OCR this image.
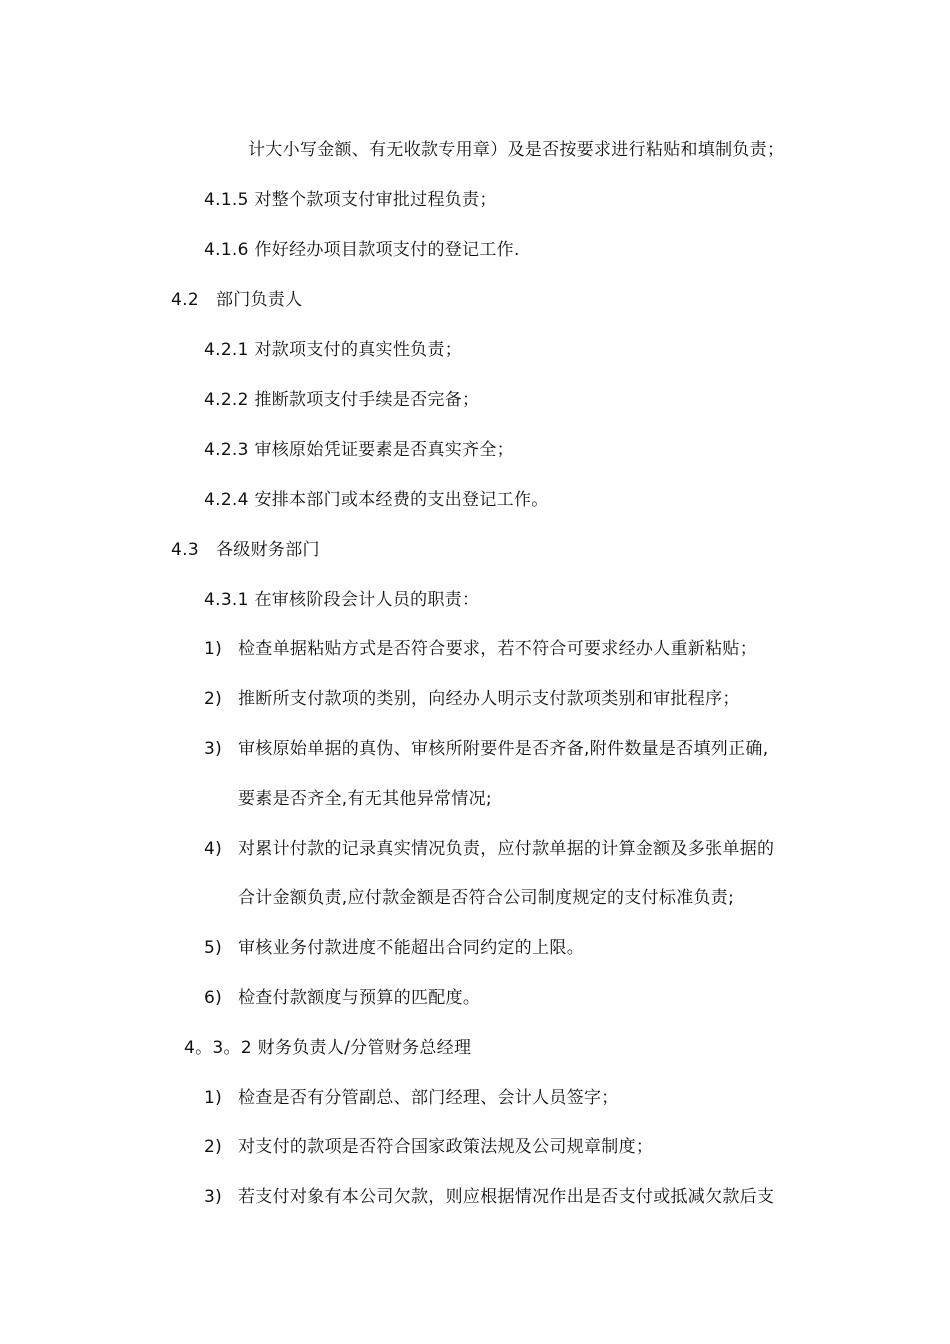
计大小写金额、有无收款专用章）及是否按要求进行粘贴和填制负责；
4.1.5 对整个款项支付审批过程负责；
4.1.6 作好经办项目款项支付的登记工作.
4.2 部门负责人
4.2.1 对款项支付的真实性负责；
4.2.2 推断款项支付手续是否完备；
4.2.3 审核原始凭证要素是否真实齐全；
4.2.4 安排本部门或本经费的支出登记工作。
4.3 各级财务部门
4.3.1 在审核阶段会计人员的职责：
1) 检查单据粘贴方式是否符合要求，若不符合可要求经办人重新粘贴；
2) 推断所支付款项的类别，向经办人明示支付款项类别和审批程序；
3) 审核原始单据的真伪、审核所附要件是否齐备,附件数量是否填列正确,
要素是否齐全,有无其他异常情况;
4) 对累计付款的记录真实情况负责，应付款单据的计算金额及多张单据的
合计金额负责,应付款金额是否符合公司制度规定的支付标准负责;
5) 审核业务付款进度不能超出合同约定的上限。
6) 检查付款额度与预算的匹配度。
4。3。2 财务负责人/分管财务总经理
1) 检查是否有分管副总、部门经理、会计人员签字；
2) 对支付的款项是否符合国家政策法规及公司规章制度；
3) 若支付对象有本公司欠款，则应根据情况作出是否支付或抵减欠款后支
